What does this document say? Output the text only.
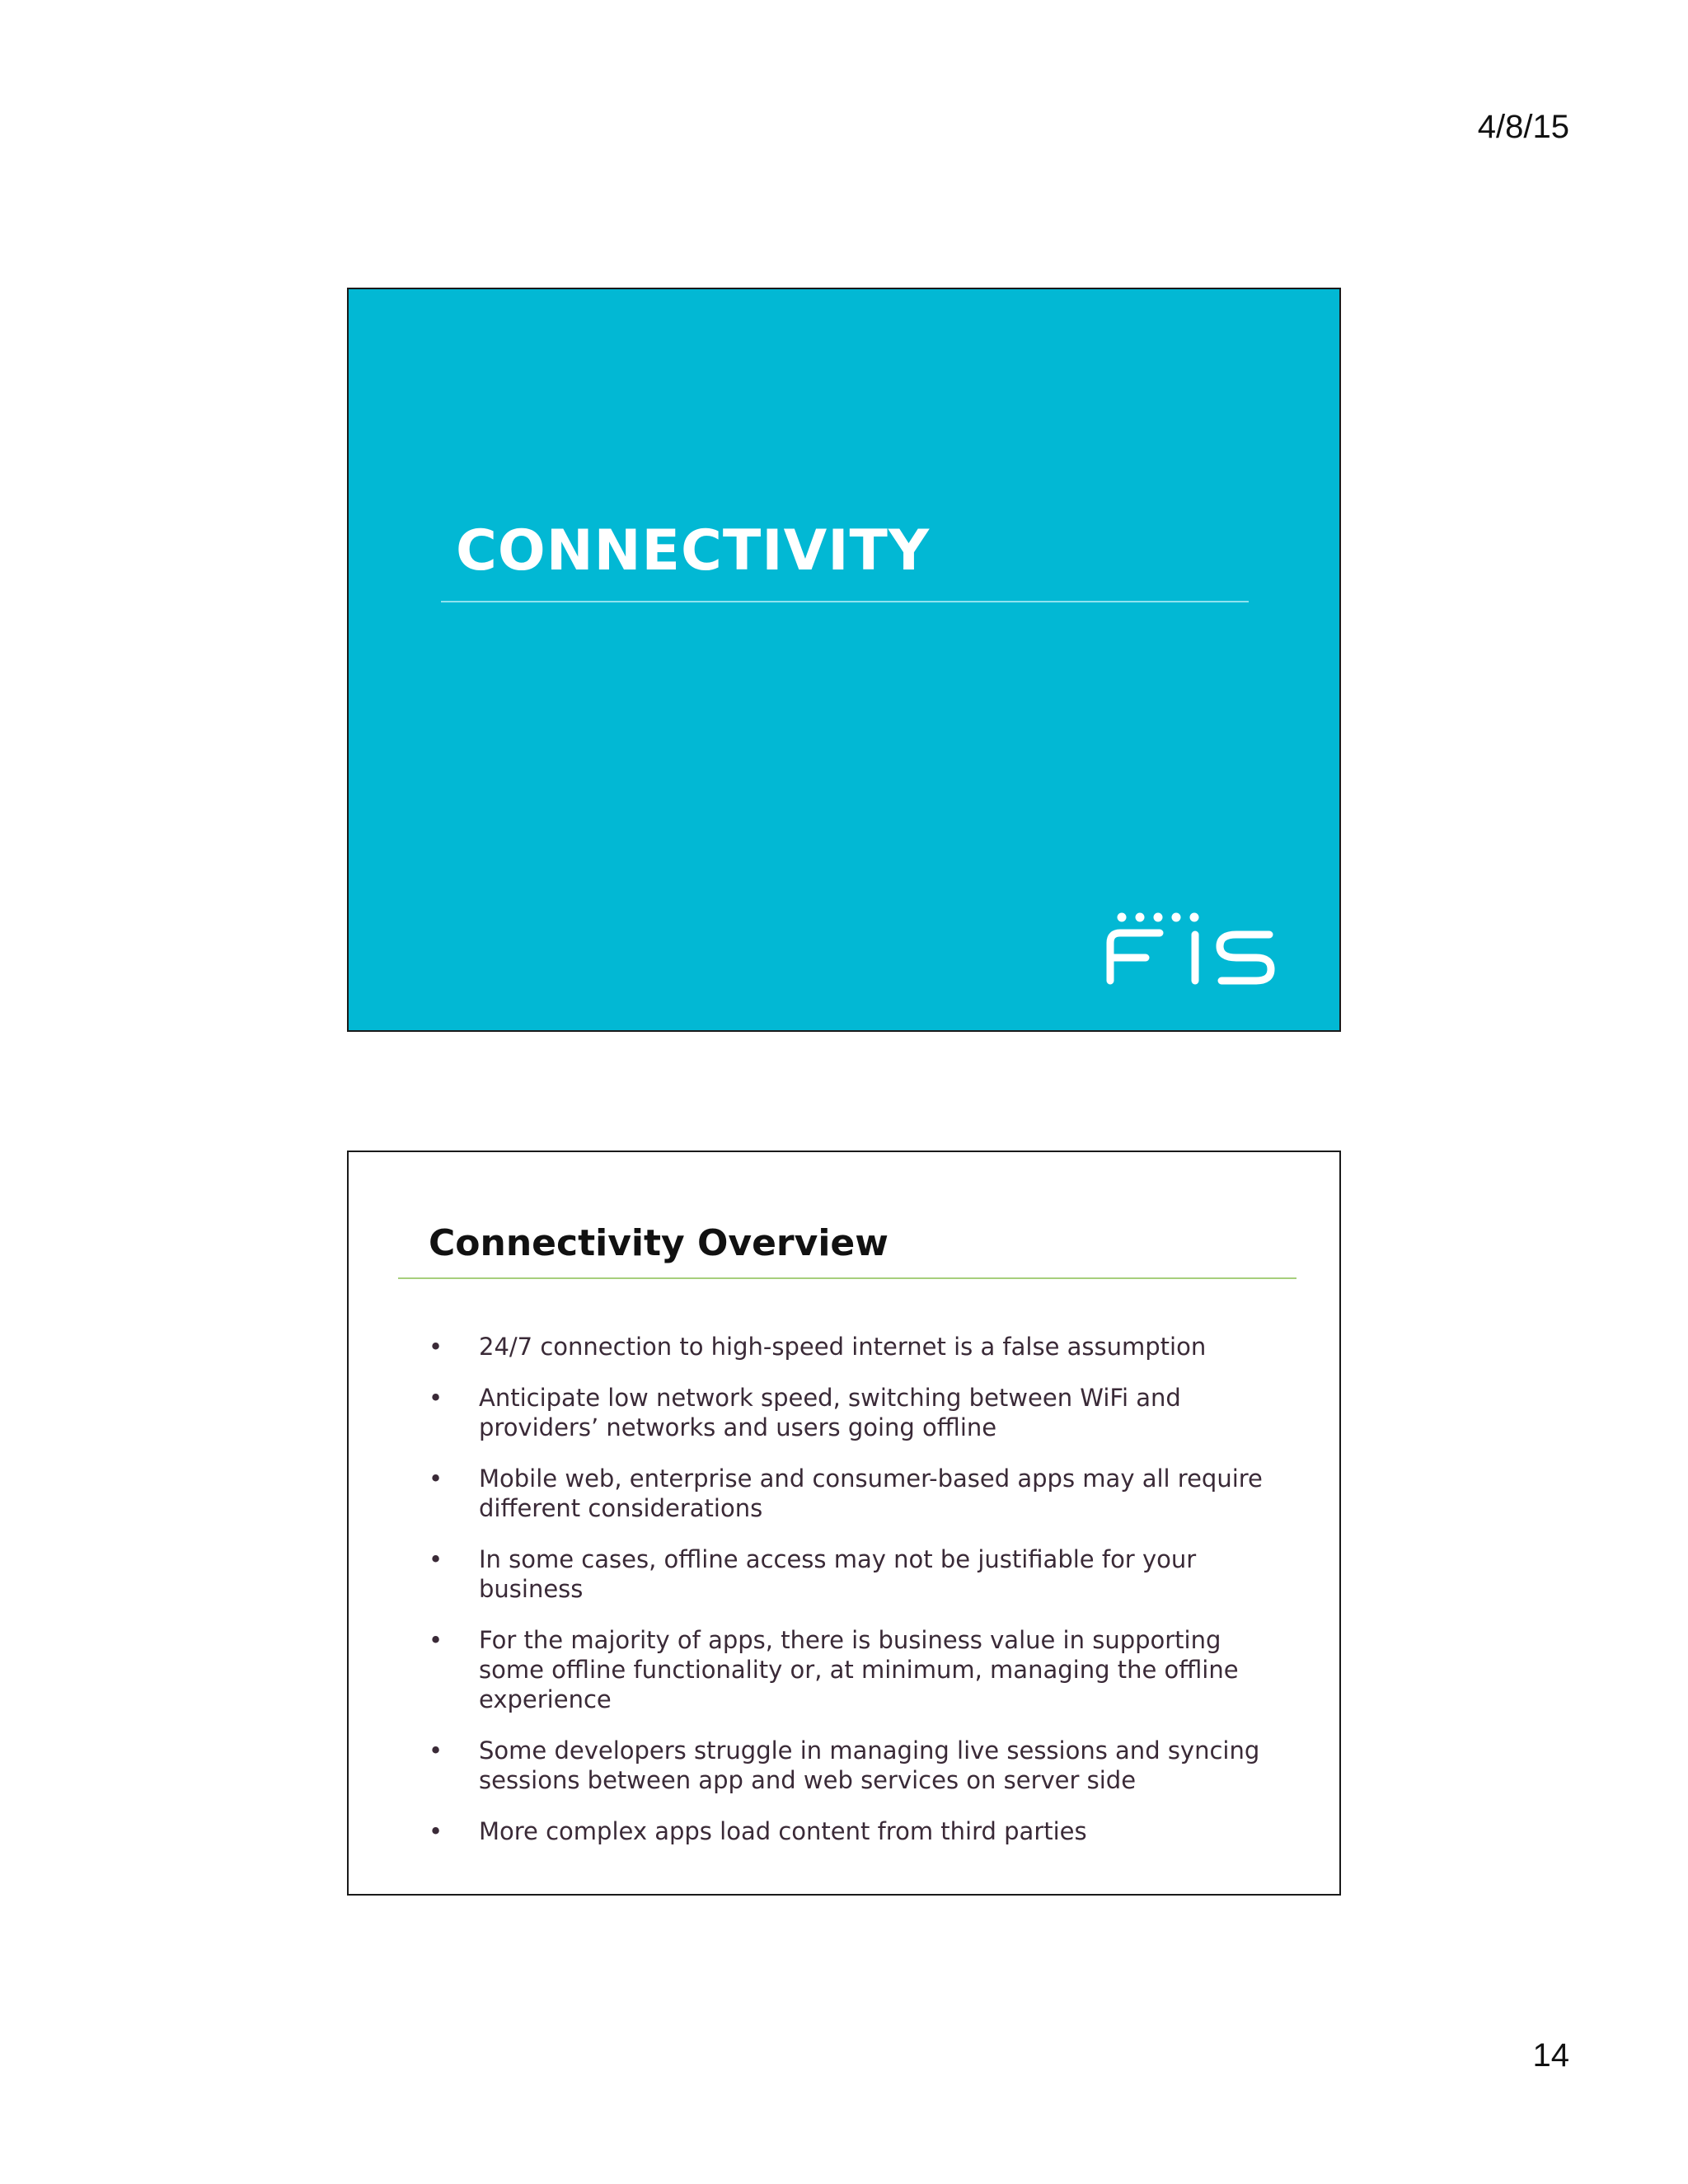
4/8/15
CONNECTIVITY
Connectivity Overview
• 24/7 connection to high-speed internet is a false assumption
• Anticipate low network speed, switching between WiFi and providers’ networks and users going offline
• Mobile web, enterprise and consumer-based apps may all require different considerations
• In some cases, offline access may not be justifiable for your business
• For the majority of apps, there is business value in supporting some offline functionality or, at minimum, managing the offline experience
• Some developers struggle in managing live sessions and syncing sessions between app and web services on server side
• More complex apps load content from third parties
14
